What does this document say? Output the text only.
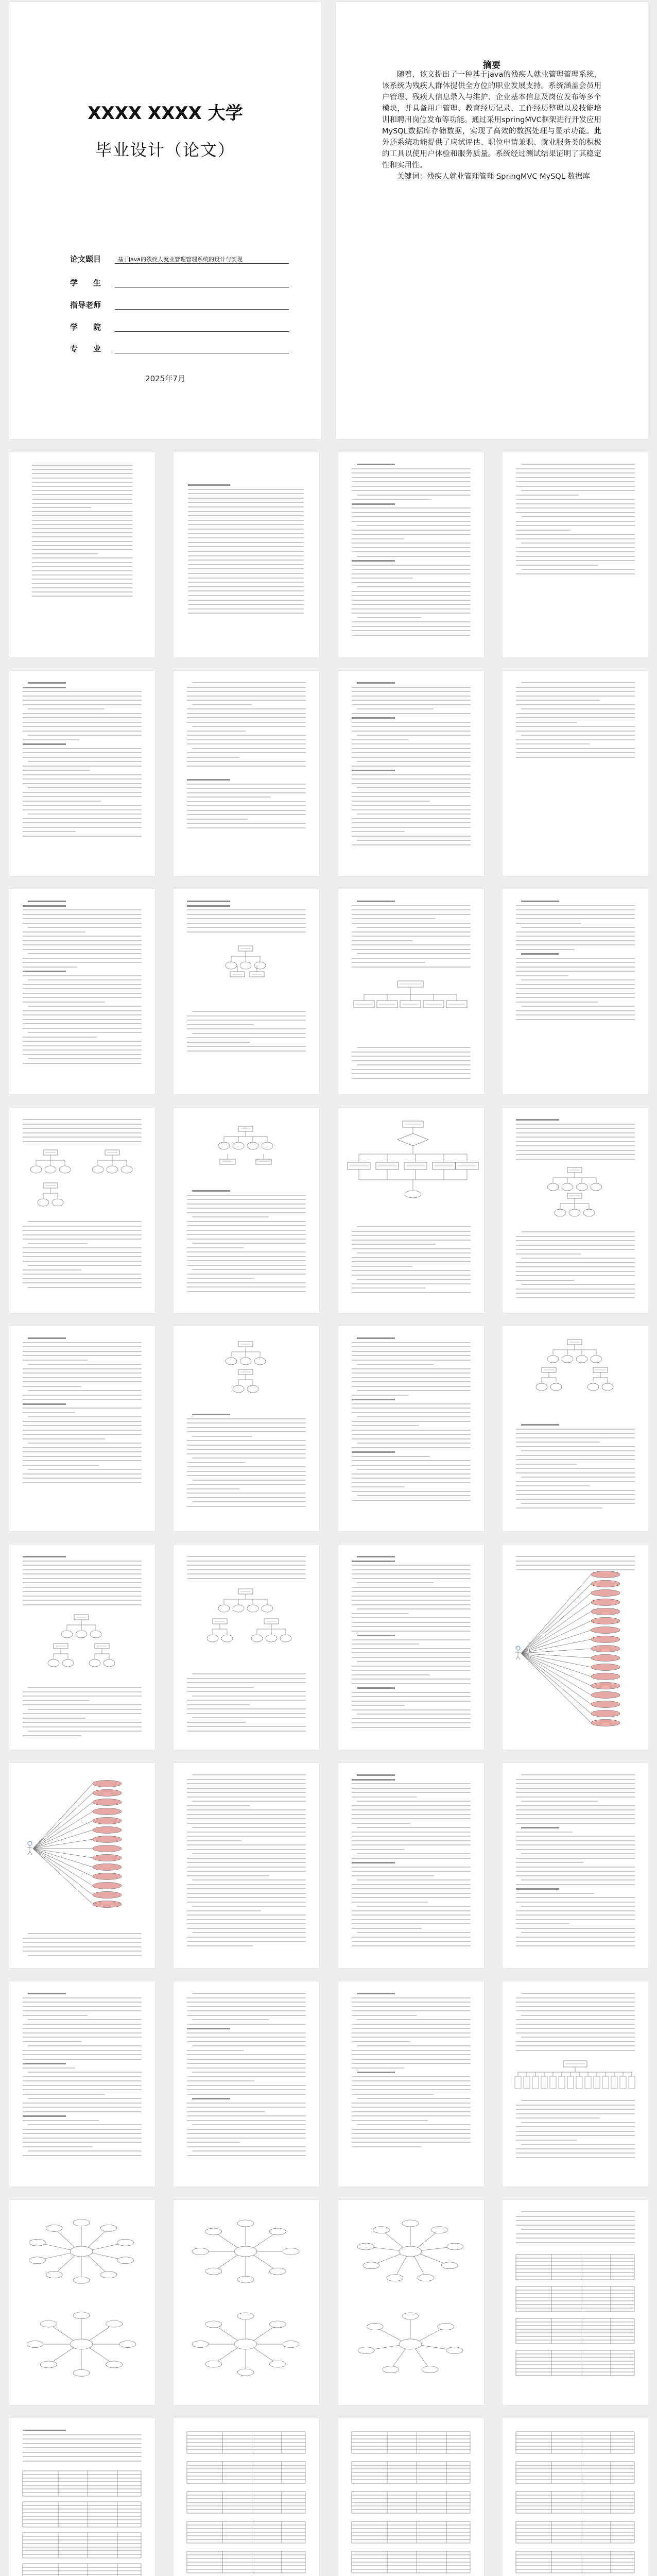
XXXX XXXX 大学
毕业设计（论文）
论文题目	基于java的残疾人就业管理管理系统的设计与实现
学　　生
指导老师
学　　院
专　　业
2025年7月
摘要

随着，该文提出了一种基于java的残疾人就业管理管理系统，该系统为残疾人群体提供全方位的职业发展支持。系统涵盖会员用户管理、残疾人信息录入与维护、企业基本信息及岗位发布等多个模块，并具备用户管理、教育经历记录、工作经历整理以及技能培训和聘用岗位发布等功能。通过采用springMVC框架进行开发应用MySQL数据库存储数据，实现了高效的数据处理与显示功能。此外还系统功能提供了应试评估、职位申请兼职、就业服务类的积极的工具以使用户体验和服务质量。系统经过测试结果证明了其稳定性和实用性。

关键词：残疾人就业管理管理 SpringMVC MySQL 数据库
